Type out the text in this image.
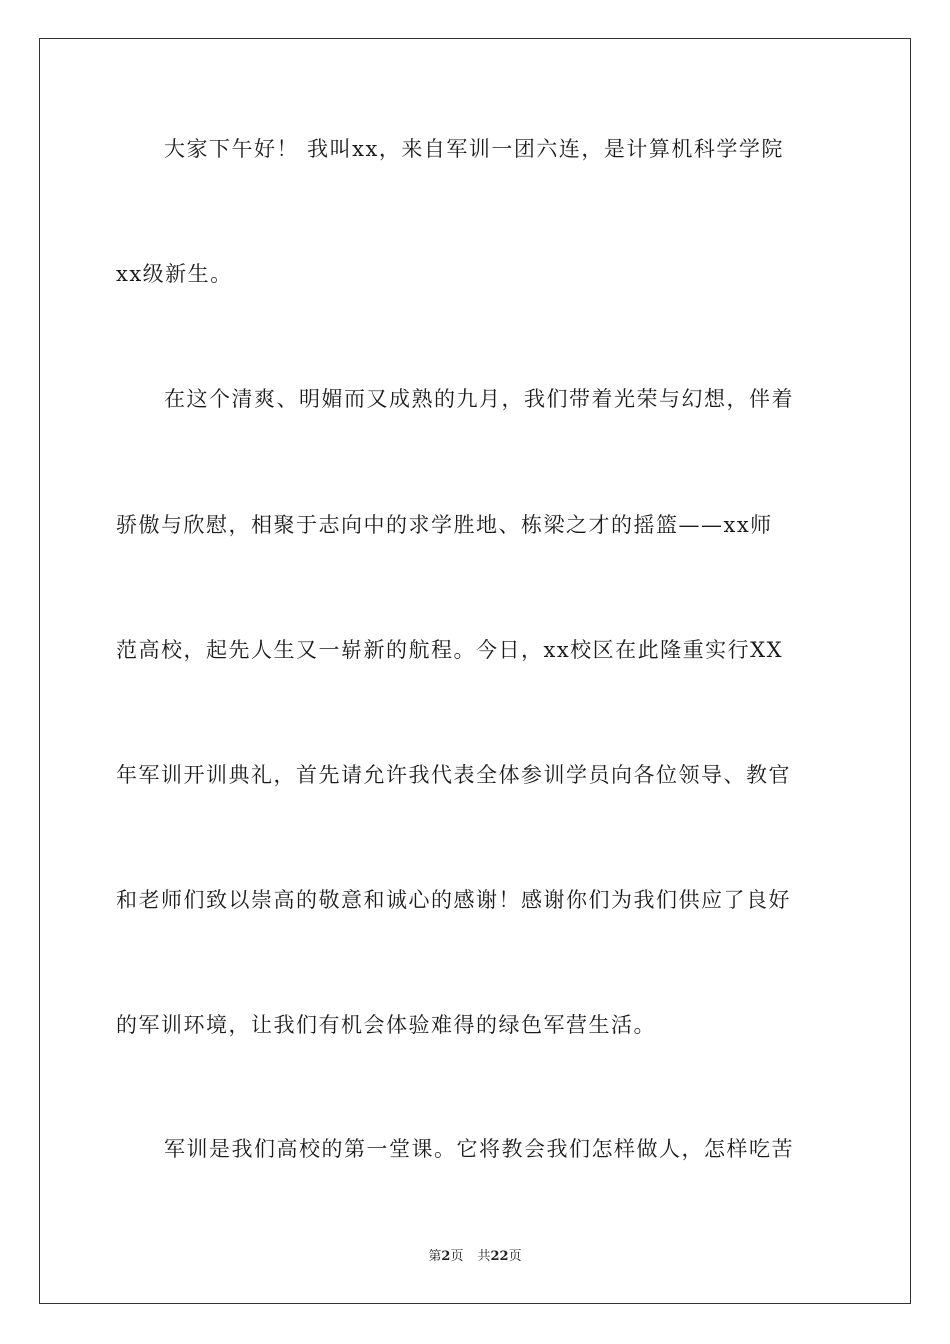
大家下午好！ 我叫xx，来自军训一团六连，是计算机科学学院
xx级新生。
在这个清爽、明媚而又成熟的九月，我们带着光荣与幻想，伴着
骄傲与欣慰，相聚于志向中的求学胜地、栋梁之才的摇篮——xx师
范高校，起先人生又一崭新的航程。今日，xx校区在此隆重实行XX
年军训开训典礼，首先请允许我代表全体参训学员向各位领导、教官
和老师们致以崇高的敬意和诚心的感谢！感谢你们为我们供应了良好
的军训环境，让我们有机会体验难得的绿色军营生活。
军训是我们高校的第一堂课。它将教会我们怎样做人，怎样吃苦
第2页 共22页
